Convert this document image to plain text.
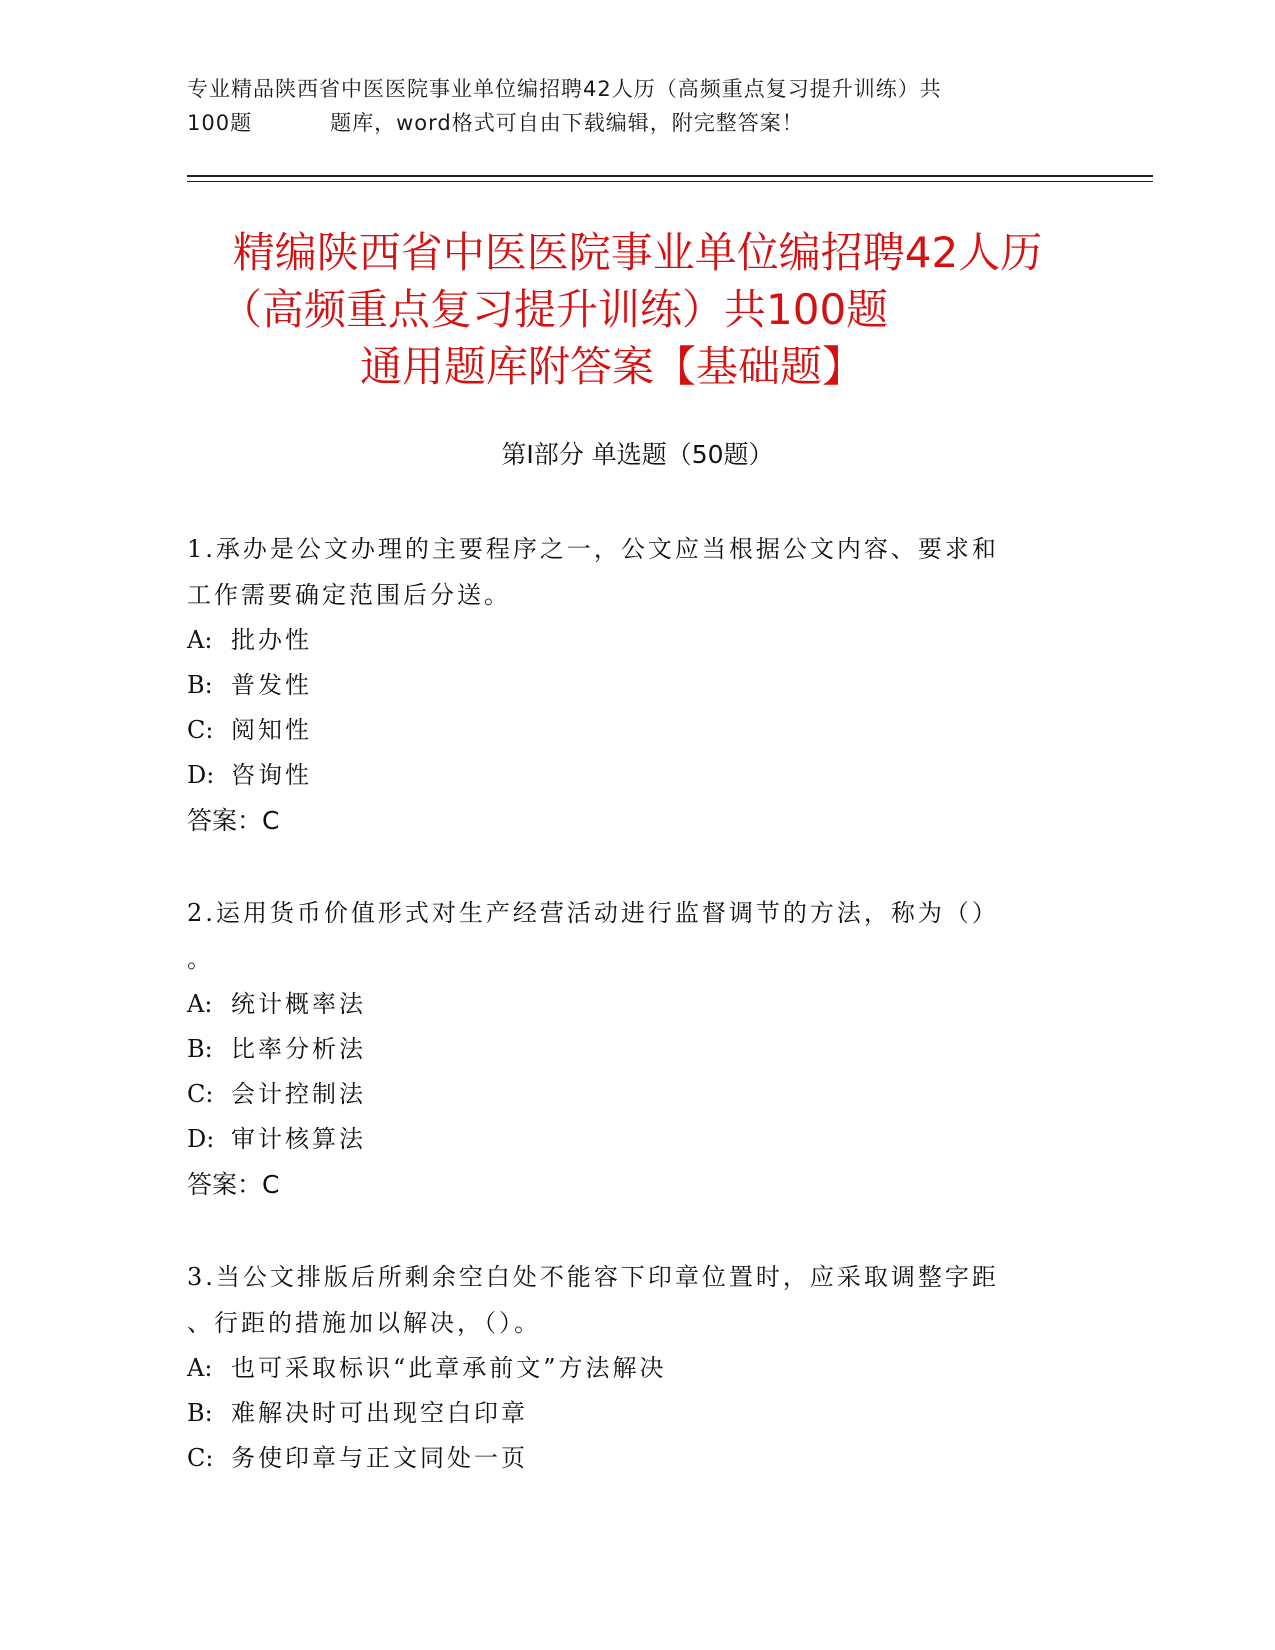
专业精品陕西省中医医院事业单位编招聘42人历（高频重点复习提升训练）共
100题	题库，word格式可自由下载编辑，附完整答案！
精编陕西省中医医院事业单位编招聘42人历
（高频重点复习提升训练）共100题
通用题库附答案【基础题】
第Ⅰ部分 单选题（50题）

1.承办是公文办理的主要程序之一，公文应当根据公文内容、要求和
工作需要确定范围后分送。

A: 批办性

B: 普发性

C: 阅知性

D: 咨询性

答案：C

2.运用货币价值形式对生产经营活动进行监督调节的方法，称为（）
。

A: 统计概率法

B: 比率分析法

C: 会计控制法

D: 审计核算法

答案：C

3.当公文排版后所剩余空白处不能容下印章位置时，应采取调整字距
、行距的措施加以解决，（）。

A: 也可采取标识“此章承前文”方法解决

B: 难解决时可出现空白印章

C: 务使印章与正文同处一页
